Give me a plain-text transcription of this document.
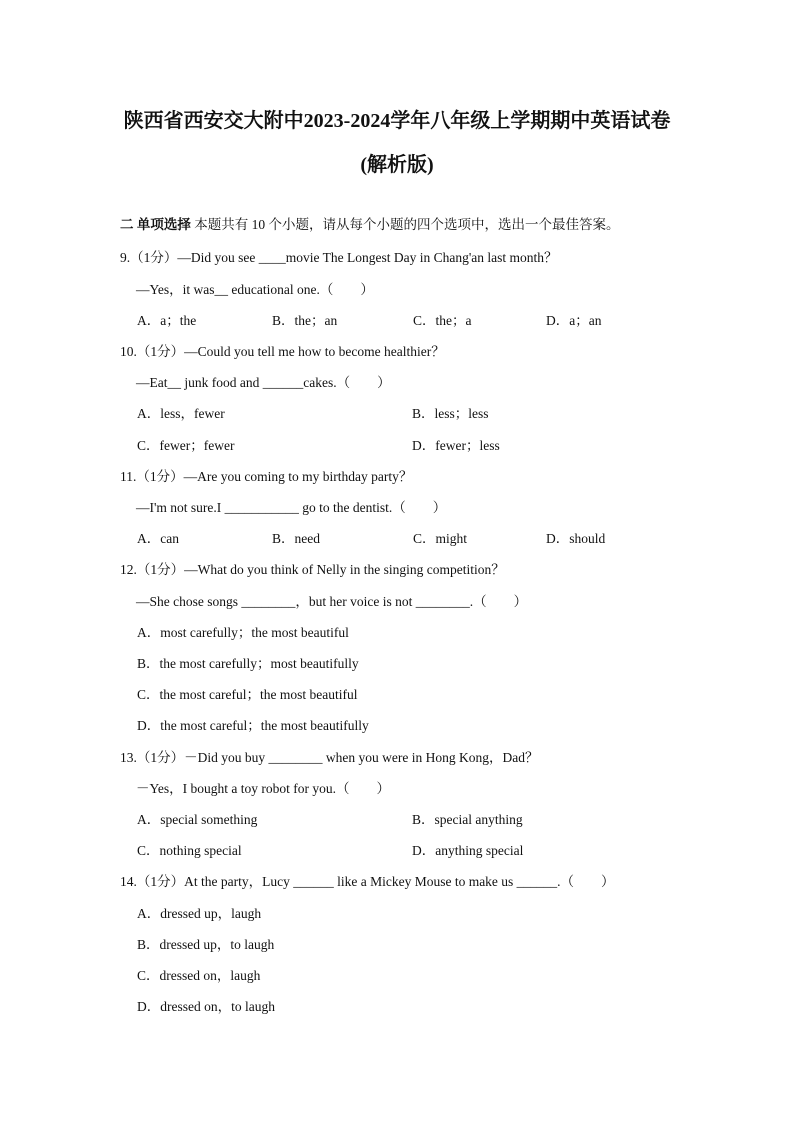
陕西省西安交大附中2023-2024学年八年级上学期期中英语试卷
(解析版)
二 单项选择 本题共有 10 个小题，请从每个小题的四个选项中，选出一个最佳答案。
9.（1分）—Did you see ____movie The Longest Day in Chang'an last month？
—Yes，it was__ educational one.（　　）
A．a；the	B．the；an	C．the；a	D．a；an
10.（1分）—Could you tell me how to become healthier？
—Eat__ junk food and ______cakes.（　　）
A．less，fewer	B．less；less
C．fewer；fewer	D．fewer；less
11.（1分）—Are you coming to my birthday party？
—I'm not sure.I ___________ go to the dentist.（　　）
A．can	B．need	C．might	D．should
12.（1分）—What do you think of Nelly in the singing competition？
—She chose songs ________，but her voice is not ________.（　　）
A．most carefully；the most beautiful
B．the most carefully；most beautifully
C．the most careful；the most beautiful
D．the most careful；the most beautifully
13.（1分）－Did you buy ________ when you were in Hong Kong，Dad？
－Yes，I bought a toy robot for you.（　　）
A．special something	B．special anything
C．nothing special	D．anything special
14.（1分）At the party，Lucy ______ like a Mickey Mouse to make us ______.（　　）
A．dressed up，laugh
B．dressed up，to laugh
C．dressed on，laugh
D．dressed on，to laugh
